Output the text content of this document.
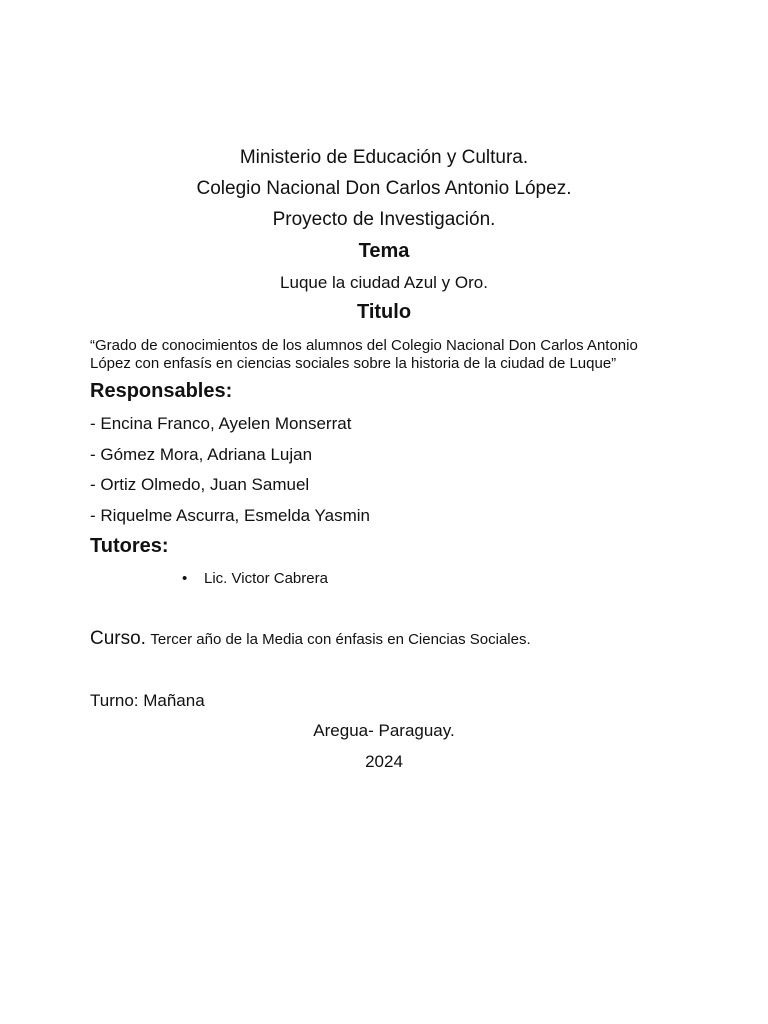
Ministerio de Educación y Cultura.
Colegio Nacional Don Carlos Antonio López.
Proyecto de Investigación.
Tema
Luque la ciudad Azul y Oro.
Titulo
“Grado de conocimientos de los alumnos del Colegio Nacional Don Carlos Antonio López con enfasís en ciencias sociales sobre la historia de la ciudad de Luque”
Responsables:
- Encina Franco, Ayelen Monserrat
- Gómez Mora, Adriana Lujan
- Ortiz Olmedo, Juan Samuel
- Riquelme Ascurra, Esmelda Yasmin
Tutores:
• Lic. Victor Cabrera
Curso. Tercer año de la Media con énfasis en Ciencias Sociales.
Turno: Mañana
Aregua- Paraguay.
2024
